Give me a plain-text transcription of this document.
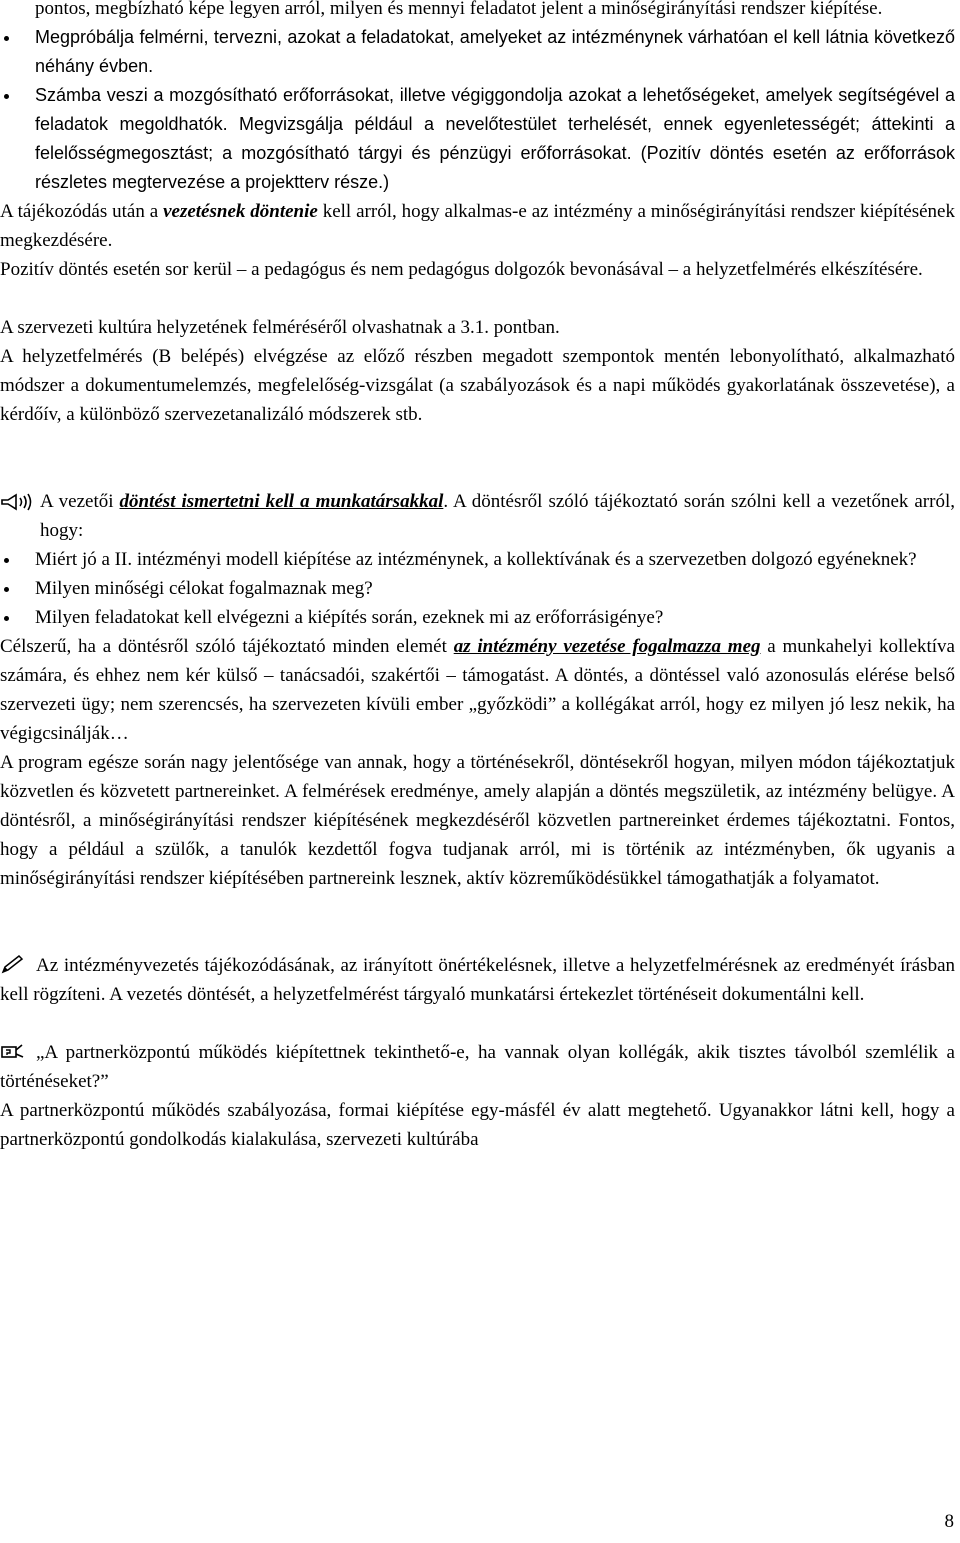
pontos, megbízható képe legyen arról, milyen és mennyi feladatot jelent a minőségirányítási rendszer kiépítése.

Megpróbálja felmérni, tervezni, azokat a feladatokat, amelyeket az intézménynek várhatóan el kell látnia következő néhány évben.
Számba veszi a mozgósítható erőforrásokat, illetve végiggondolja azokat a lehetőségeket, amelyek segítségével a feladatok megoldhatók. Megvizsgálja például a nevelőtestület terhelését, ennek egyenletességét; áttekinti a felelősségmegosztást; a mozgósítható tárgyi és pénzügyi erőforrásokat. (Pozitív döntés esetén az erőforrások részletes megtervezése a projektterv része.)

A tájékozódás után a vezetésnek döntenie kell arról, hogy alkalmas-e az intézmény a minőségirányítási rendszer kiépítésének megkezdésére.

Pozitív döntés esetén sor kerül – a pedagógus és nem pedagógus dolgozók bevonásával – a helyzetfelmérés elkészítésére.

A szervezeti kultúra helyzetének felméréséről olvashatnak a 3.1. pontban.

A helyzetfelmérés (B belépés) elvégzése az előző részben megadott szempontok mentén lebonyolítható, alkalmazható módszer a dokumentumelemzés, megfelelőség-vizsgálat (a szabályozások és a napi működés gyakorlatának összevetése), a kérdőív, a különböző szervezetanalizáló módszerek stb.

A vezetői döntést ismertetni kell a munkatársakkal. A döntésről szóló tájékoztató során szólni kell a vezetőnek arról, hogy:

Miért jó a II. intézményi modell kiépítése az intézménynek, a kollektívának és a szervezetben dolgozó egyéneknek?
Milyen minőségi célokat fogalmaznak meg?
Milyen feladatokat kell elvégezni a kiépítés során, ezeknek mi az erőforrásigénye?

Célszerű, ha a döntésről szóló tájékoztató minden elemét az intézmény vezetése fogalmazza meg a munkahelyi kollektíva számára, és ehhez nem kér külső – tanácsadói, szakértői – támogatást. A döntés, a döntéssel való azonosulás elérése belső szervezeti ügy; nem szerencsés, ha szervezeten kívüli ember „győzködi” a kollégákat arról, hogy ez milyen jó lesz nekik, ha végigcsinálják…

A program egésze során nagy jelentősége van annak, hogy a történésekről, döntésekről hogyan, milyen módon tájékoztatjuk közvetlen és közvetett partnereinket. A felmérések eredménye, amely alapján a döntés megszületik, az intézmény belügye. A döntésről, a minőségirányítási rendszer kiépítésének megkezdéséről közvetlen partnereinket érdemes tájékoztatni. Fontos, hogy a például a szülők, a tanulók kezdettől fogva tudjanak arról, mi is történik az intézményben, ők ugyanis a minőségirányítási rendszer kiépítésében partnereink lesznek, aktív közreműködésükkel támogathatják a folyamatot.

Az intézményvezetés tájékozódásának, az irányított önértékelésnek, illetve a helyzetfelmérésnek az eredményét írásban kell rögzíteni. A vezetés döntését, a helyzetfelmérést tárgyaló munkatársi értekezlet történéseit dokumentálni kell.

„A partnerközpontú működés kiépítettnek tekinthető-e, ha vannak olyan kollégák, akik tisztes távolból szemlélik a történéseket?”

A partnerközpontú működés szabályozása, formai kiépítése egy-másfél év alatt megtehető. Ugyanakkor látni kell, hogy a partnerközpontú gondolkodás kialakulása, szervezeti kultúrába

8
